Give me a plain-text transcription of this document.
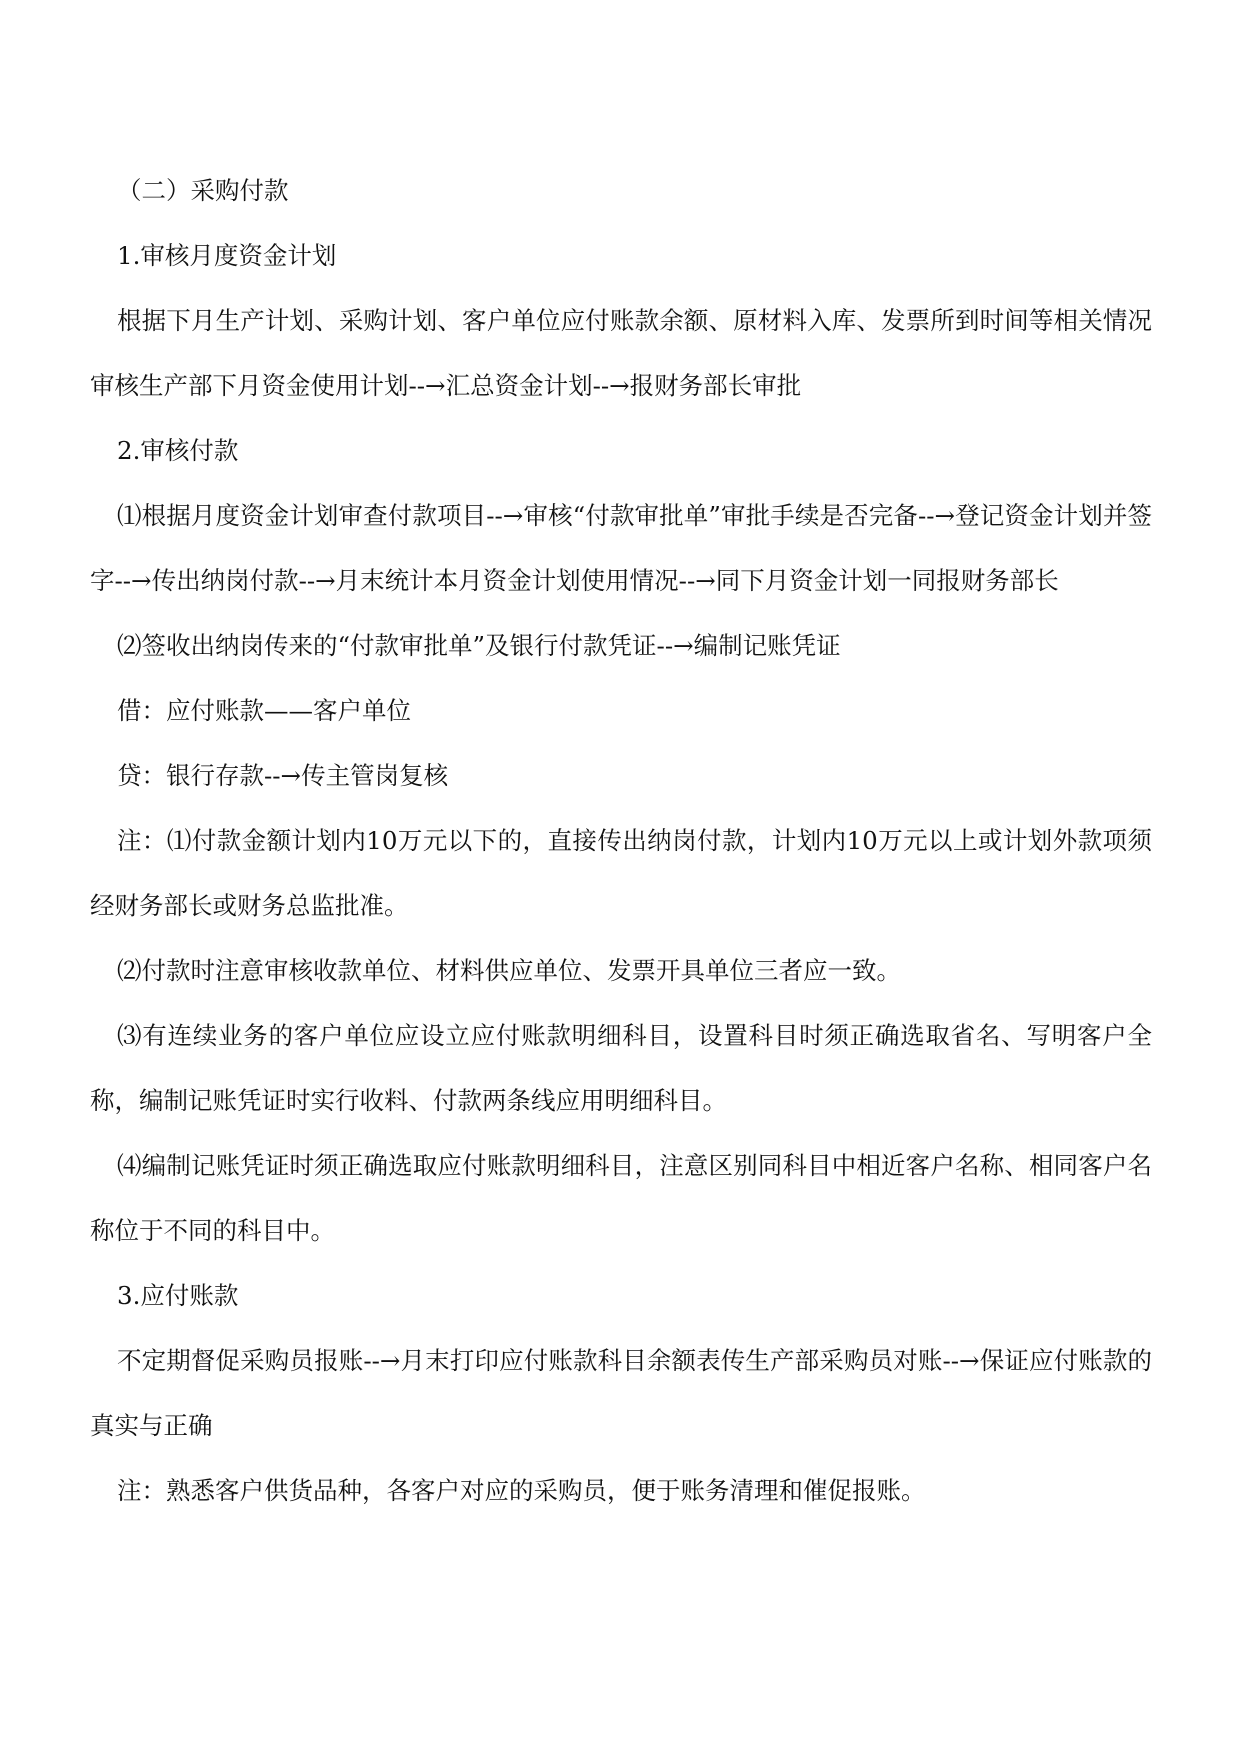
（二）采购付款

1.审核月度资金计划

根据下月生产计划、采购计划、客户单位应付账款余额、原材料入库、发票所到时间等相关情况审核生产部下月资金使用计划--→汇总资金计划--→报财务部长审批

2.审核付款

⑴根据月度资金计划审查付款项目--→审核“付款审批单”审批手续是否完备--→登记资金计划并签字--→传出纳岗付款--→月末统计本月资金计划使用情况--→同下月资金计划一同报财务部长

⑵签收出纳岗传来的“付款审批单”及银行付款凭证--→编制记账凭证

借：应付账款——客户单位

贷：银行存款--→传主管岗复核

注：⑴付款金额计划内10万元以下的，直接传出纳岗付款，计划内10万元以上或计划外款项须经财务部长或财务总监批准。

⑵付款时注意审核收款单位、材料供应单位、发票开具单位三者应一致。

⑶有连续业务的客户单位应设立应付账款明细科目，设置科目时须正确选取省名、写明客户全称，编制记账凭证时实行收料、付款两条线应用明细科目。

⑷编制记账凭证时须正确选取应付账款明细科目，注意区别同科目中相近客户名称、相同客户名称位于不同的科目中。

3.应付账款

不定期督促采购员报账--→月末打印应付账款科目余额表传生产部采购员对账--→保证应付账款的真实与正确

注：熟悉客户供货品种，各客户对应的采购员，便于账务清理和催促报账。
